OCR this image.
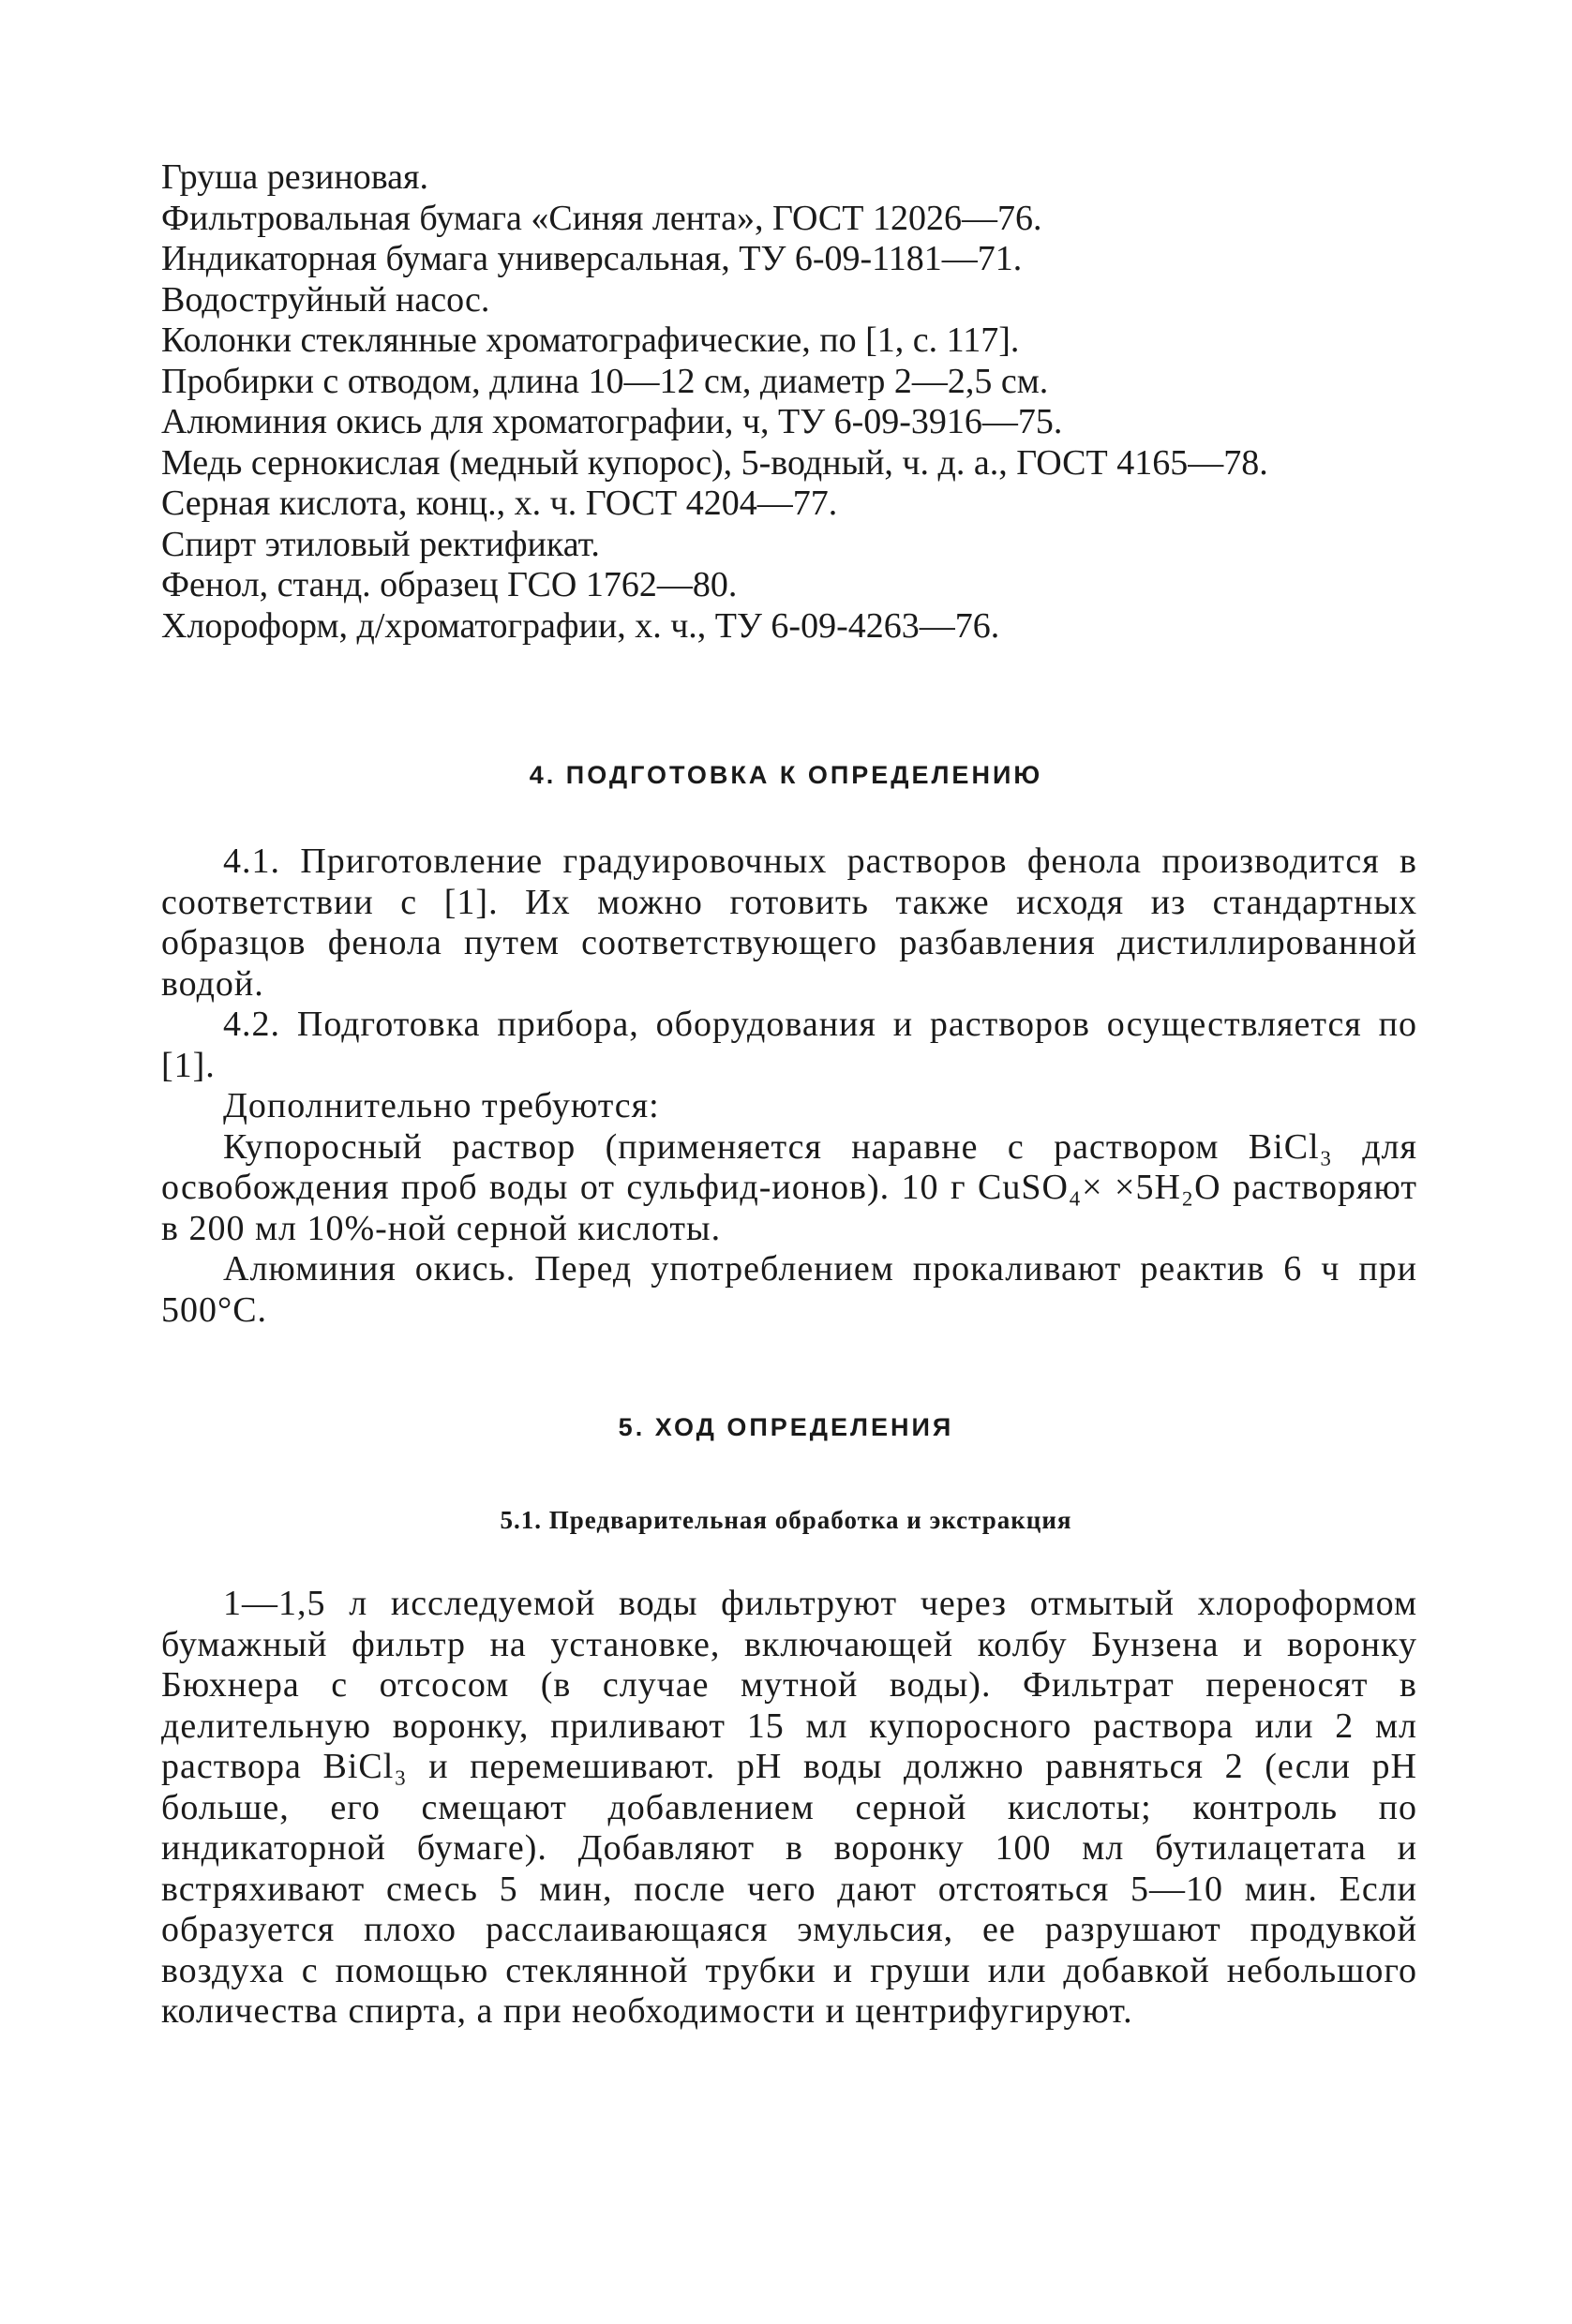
Груша резиновая.

Фильтровальная бумага «Синяя лента», ГОСТ 12026—76.

Индикаторная бумага универсальная, ТУ 6-09-1181—71.

Водоструйный насос.

Колонки стеклянные хроматографические, по [1, с. 117].

Пробирки с отводом, длина 10—12 см, диаметр 2—2,5 см.

Алюминия окись для хроматографии, ч, ТУ 6-09-3916—75.

Медь сернокислая (медный купорос), 5-водный, ч. д. а., ГОСТ 4165—78.

Серная кислота, конц., х. ч. ГОСТ 4204—77.

Спирт этиловый ректификат.

Фенол, станд. образец ГСО 1762—80.

Хлороформ, д/хроматографии, х. ч., ТУ 6-09-4263—76.

4. ПОДГОТОВКА К ОПРЕДЕЛЕНИЮ

4.1. Приготовление градуировочных растворов фенола производится в соответствии с [1]. Их можно готовить также исходя из стандартных образцов фенола путем соответствующего разбавления дистиллированной водой.

4.2. Подготовка прибора, оборудования и растворов осуществляется по [1].

Дополнительно требуются:

Купоросный раствор (применяется наравне с раствором BiCl₃ для освобождения проб воды от сульфид-ионов). 10 г CuSO₄× ×5H₂O растворяют в 200 мл 10%-ной серной кислоты.

Алюминия окись. Перед употреблением прокаливают реактив 6 ч при 500°С.

5. ХОД ОПРЕДЕЛЕНИЯ
5.1. Предварительная обработка и экстракция

1—1,5 л исследуемой воды фильтруют через отмытый хлороформом бумажный фильтр на установке, включающей колбу Бунзена и воронку Бюхнера с отсосом (в случае мутной воды). Фильтрат переносят в делительную воронку, приливают 15 мл купоросного раствора или 2 мл раствора BiCl₃ и перемешивают. pH воды должно равняться 2 (если pH больше, его смещают добавлением серной кислоты; контроль по индикаторной бумаге). Добавляют в воронку 100 мл бутилацетата и встряхивают смесь 5 мин, после чего дают отстояться 5—10 мин. Если образуется плохо расслаивающаяся эмульсия, ее разрушают продувкой воздуха с помощью стеклянной трубки и груши или добавкой небольшого количества спирта, а при необходимости и центрифугируют.
